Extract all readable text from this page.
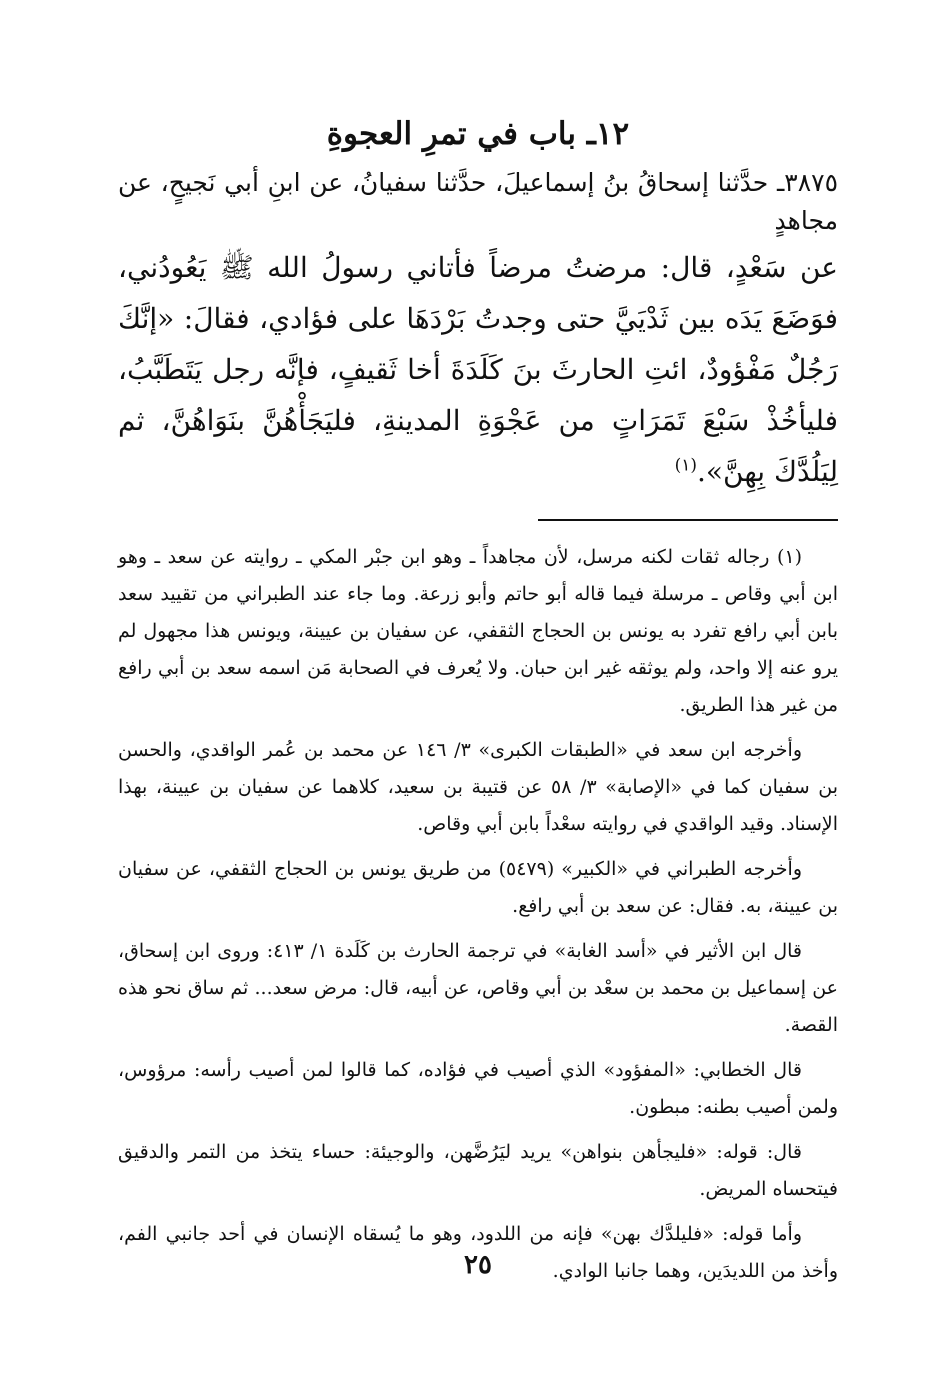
١٢ـ باب في تمرِ العجوةِ

٣٨٧٥ـ حدَّثنا إسحاقُ بنُ إسماعيلَ، حدَّثنا سفيانُ، عن ابنِ أبي نَجيحٍ، عن مجاهدٍ

عن سَعْدٍ، قال: مرضتُ مرضاً فأتاني رسولُ الله ﷺ يَعُودُني، فوَضَعَ يَدَه بين ثَدْيَيَّ حتى وجدتُ بَرْدَهَا على فؤادي، فقالَ: «إنَّكَ رَجُلٌ مَفْؤودٌ، ائتِ الحارثَ بنَ كَلَدَةَ أخا ثَقيفٍ، فإنَّه رجل يَتَطَبَّبُ، فليأخُذْ سَبْعَ تَمَرَاتٍ من عَجْوَةِ المدينةِ، فليَجَأْهُنَّ بنَوَاهُنَّ، ثم لِيَلُدَّكَ بِهِنَّ».$^{(١)}$

(١) رجاله ثقات لكنه مرسل، لأن مجاهداً ـ وهو ابن جبْر المكي ـ روايته عن سعد ـ وهو ابن أبي وقاص ـ مرسلة فيما قاله أبو حاتم وأبو زرعة. وما جاء عند الطبراني من تقييد سعد بابن أبي رافع تفرد به يونس بن الحجاج الثقفي، عن سفيان بن عيينة، ويونس هذا مجهول لم يرو عنه إلا واحد، ولم يوثقه غير ابن حبان. ولا يُعرف في الصحابة مَن اسمه سعد بن أبي رافع من غير هذا الطريق.

وأخرجه ابن سعد في «الطبقات الكبرى» ٣/ ١٤٦ عن محمد بن عُمر الواقدي، والحسن بن سفيان كما في «الإصابة» ٣/ ٥٨ عن قتيبة بن سعيد، كلاهما عن سفيان بن عيينة، بهذا الإسناد. وقيد الواقدي في روايته سعْداً بابن أبي وقاص.

وأخرجه الطبراني في «الكبير» (٥٤٧٩) من طريق يونس بن الحجاج الثقفي، عن سفيان بن عيينة، به. فقال: عن سعد بن أبي رافع.

قال ابن الأثير في «أسد الغابة» في ترجمة الحارث بن كَلَدة ١/ ٤١٣: وروى ابن إسحاق، عن إسماعيل بن محمد بن سعْد بن أبي وقاص، عن أبيه، قال: مرض سعد... ثم ساق نحو هذه القصة.

قال الخطابي: «المفؤود» الذي أصيب في فؤاده، كما قالوا لمن أصيب رأسه: مرؤوس، ولمن أصيب بطنه: مبطون.

قال: قوله: «فليجأهن بنواهن» يريد ليَرُضَّهن، والوجيئة: حساء يتخذ من التمر والدقيق فيتحساه المريض.

وأما قوله: «فليلدَّك بهن» فإنه من اللدود، وهو ما يُسقاه الإنسان في أحد جانبي الفم، وأخذ من اللديدَين، وهما جانبا الوادي.

٢٥
